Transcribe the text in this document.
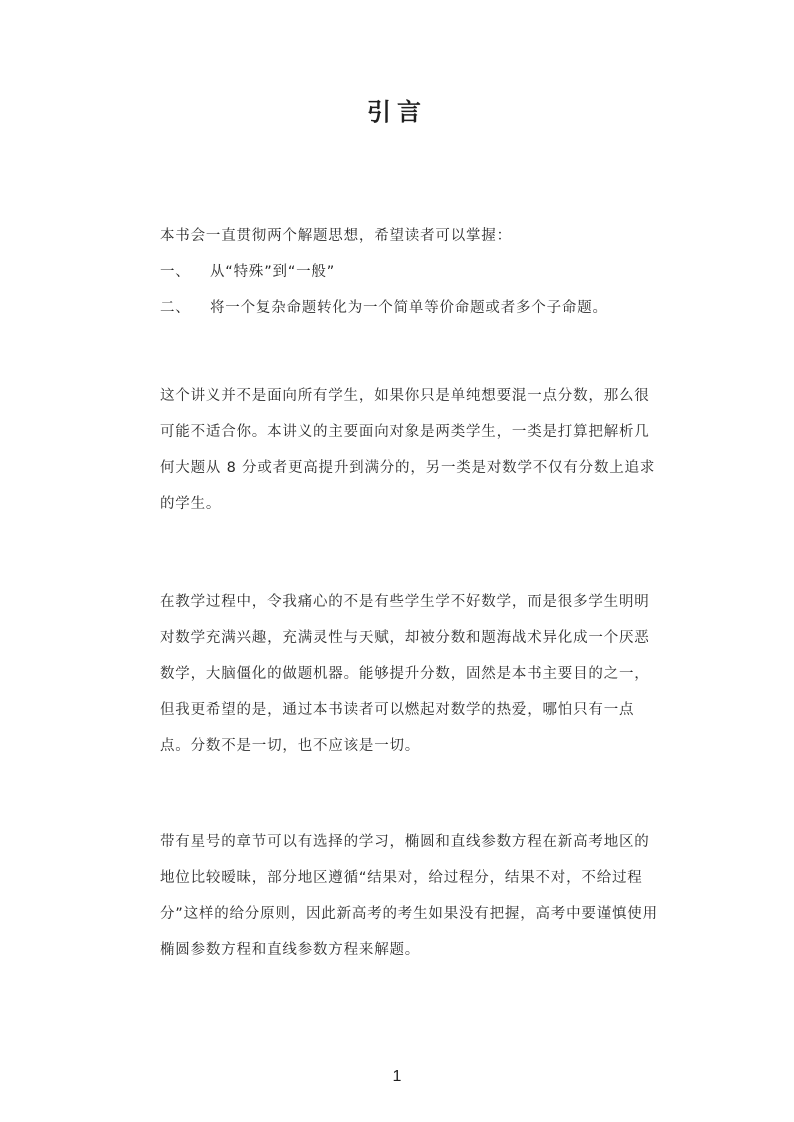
引言

本书会一直贯彻两个解题思想，希望读者可以掌握：

一、	从“特殊”到“一般”
二、	将一个复杂命题转化为一个简单等价命题或者多个子命题。

这个讲义并不是面向所有学生，如果你只是单纯想要混一点分数，那么很可能不适合你。本讲义的主要面向对象是两类学生，一类是打算把解析几何大题从 8 分或者更高提升到满分的，另一类是对数学不仅有分数上追求的学生。

在教学过程中，令我痛心的不是有些学生学不好数学，而是很多学生明明对数学充满兴趣，充满灵性与天赋，却被分数和题海战术异化成一个厌恶数学，大脑僵化的做题机器。能够提升分数，固然是本书主要目的之一，但我更希望的是，通过本书读者可以燃起对数学的热爱，哪怕只有一点点。分数不是一切，也不应该是一切。

带有星号的章节可以有选择的学习，椭圆和直线参数方程在新高考地区的地位比较暧昧，部分地区遵循“结果对，给过程分，结果不对，不给过程分”这样的给分原则，因此新高考的考生如果没有把握，高考中要谨慎使用椭圆参数方程和直线参数方程来解题。

1
